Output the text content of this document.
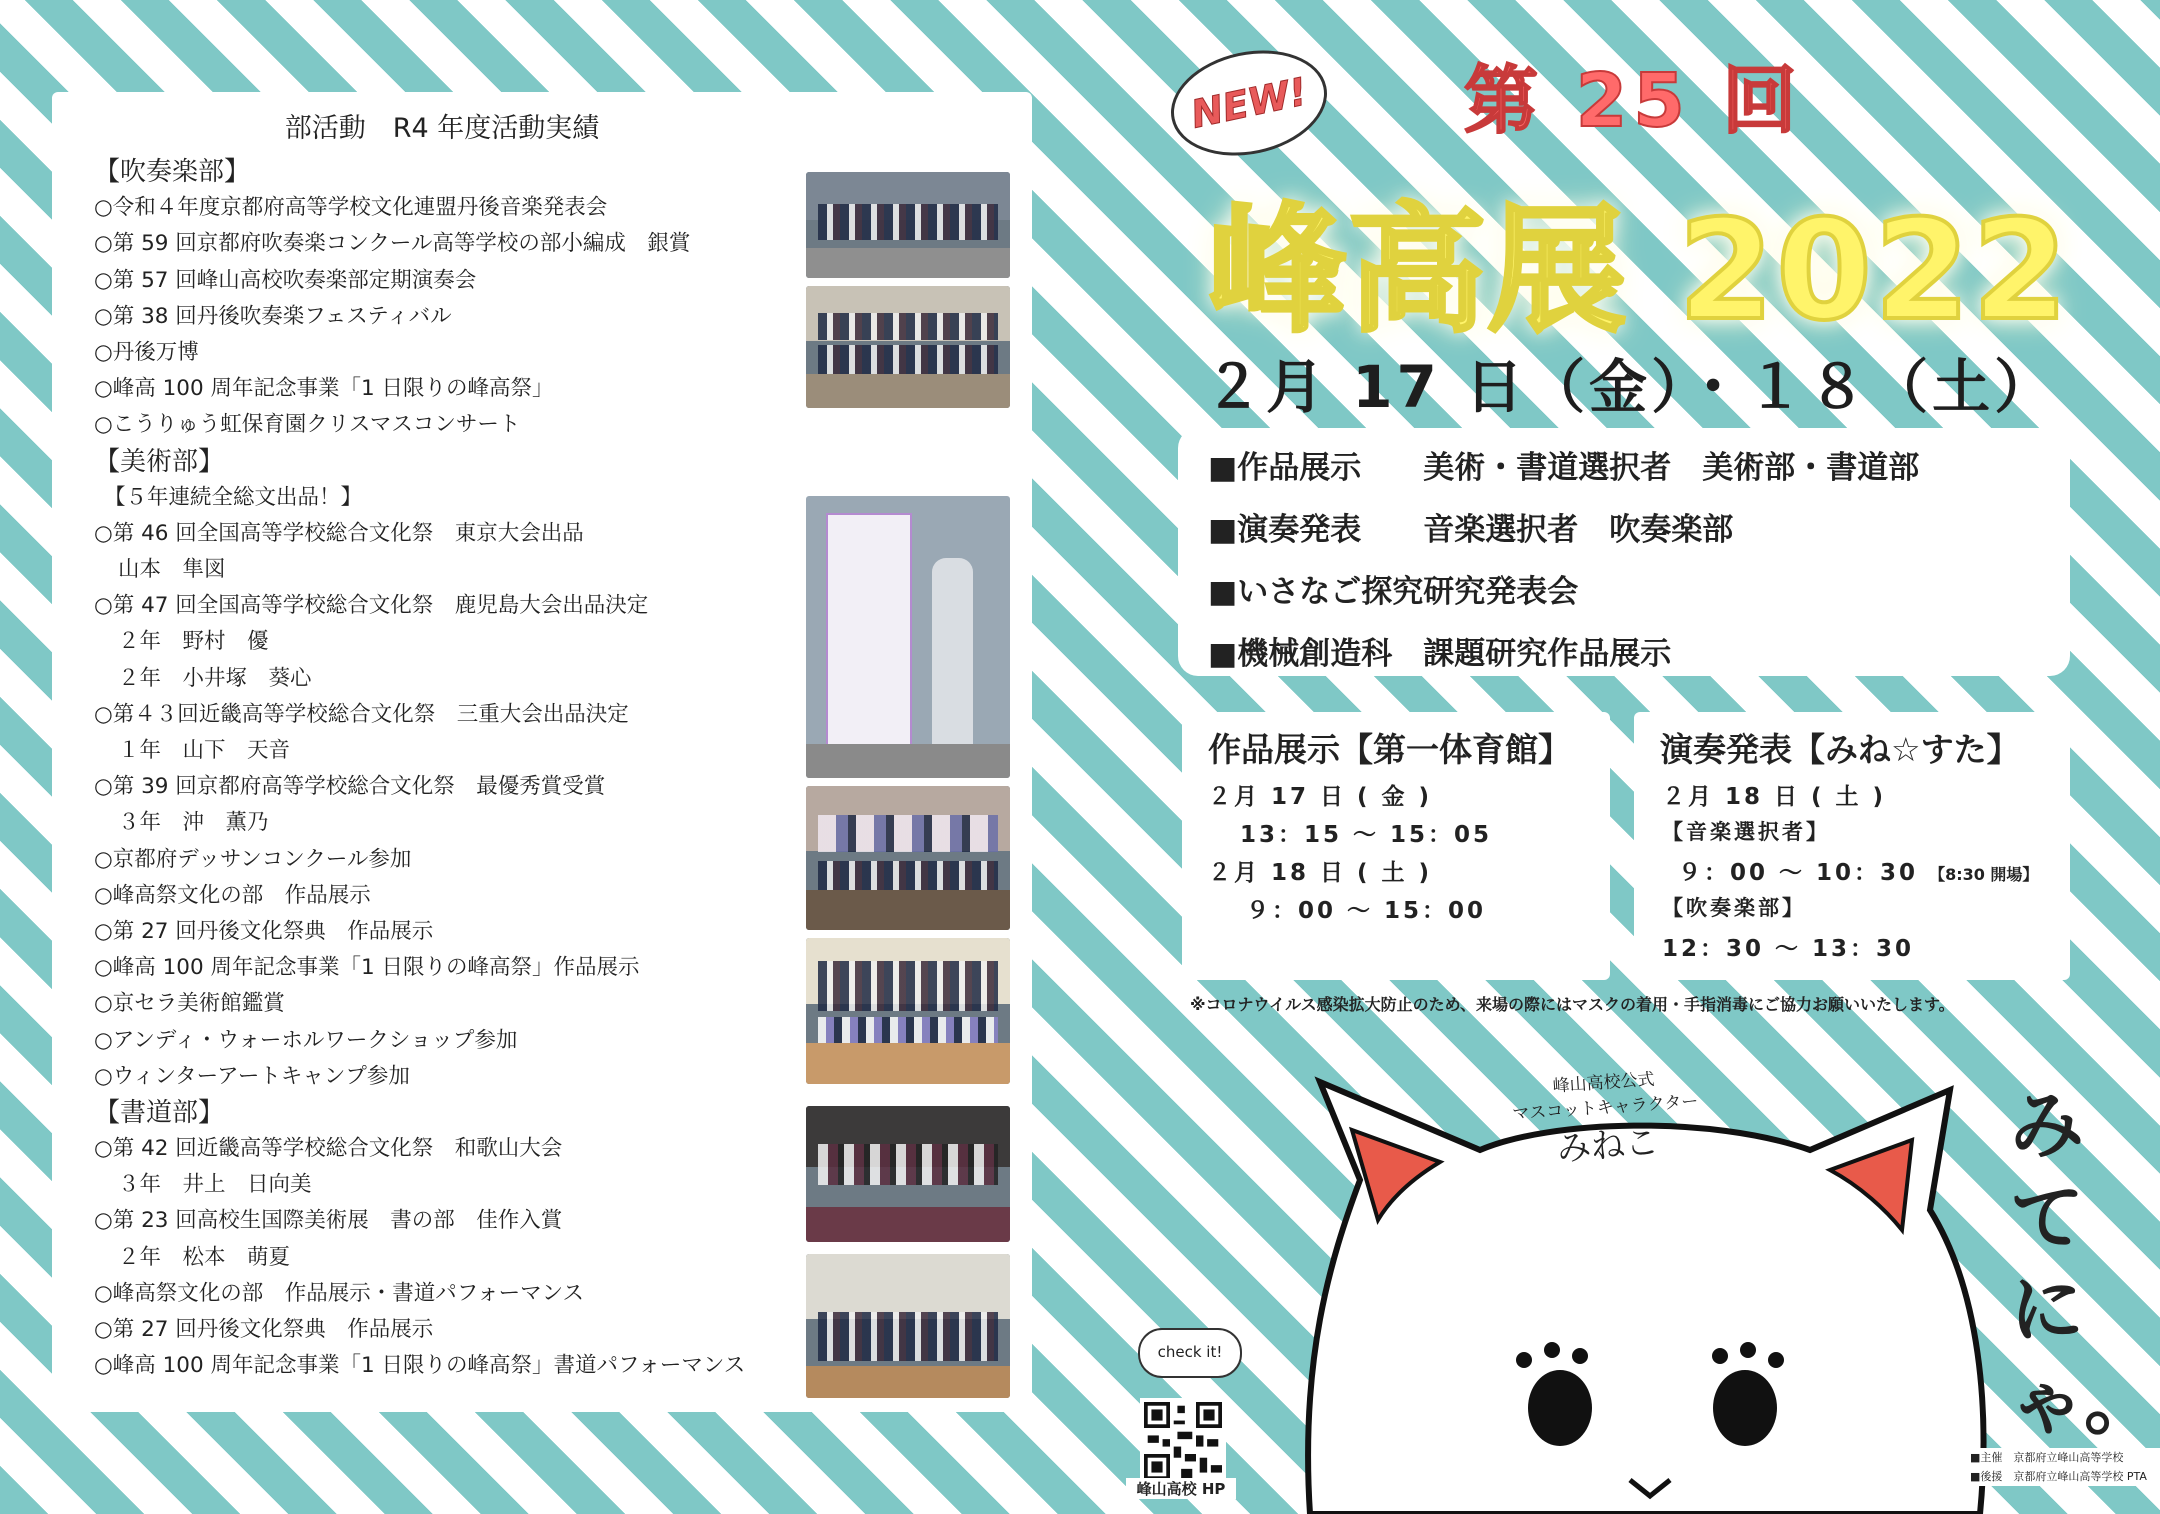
部活動　R4 年度活動実績
【吹奏楽部】
○令和４年度京都府高等学校文化連盟丹後音楽発表会
○第 59 回京都府吹奏楽コンクール高等学校の部小編成　銀賞
○第 57 回峰山高校吹奏楽部定期演奏会
○第 38 回丹後吹奏楽フェスティバル
○丹後万博
○峰高 100 周年記念事業「1 日限りの峰高祭」
○こうりゅう虹保育園クリスマスコンサート
【美術部】
【５年連続全総文出品！】
○第 46 回全国高等学校総合文化祭　東京大会出品
山本　隼図
○第 47 回全国高等学校総合文化祭　鹿児島大会出品決定
２年　野村　優
２年　小井塚　葵心
○第４３回近畿高等学校総合文化祭　三重大会出品決定
１年　山下　天音
○第 39 回京都府高等学校総合文化祭　最優秀賞受賞
３年　沖　薫乃
○京都府デッサンコンクール参加
○峰高祭文化の部　作品展示
○第 27 回丹後文化祭典　作品展示
○峰高 100 周年記念事業「1 日限りの峰高祭」作品展示
○京セラ美術館鑑賞
○アンディ・ウォーホルワークショップ参加
○ウィンターアートキャンプ参加
【書道部】
○第 42 回近畿高等学校総合文化祭　和歌山大会
３年　井上　日向美
○第 23 回高校生国際美術展　書の部　佳作入賞
２年　松本　萌夏
○峰高祭文化の部　作品展示・書道パフォーマンス
○第 27 回丹後文化祭典　作品展示
○峰高 100 周年記念事業「1 日限りの峰高祭」書道パフォーマンス
NEW! 第 25 回
峰高展 2022
２月 17 日（金）・１８（土）
■作品展示　　美術・書道選択者　美術部・書道部
■演奏発表　　音楽選択者　吹奏楽部
■いさなご探究研究発表会
■機械創造科　課題研究作品展示
作品展示【第一体育館】
２月 17 日 ( 金 )
13：15 ～ 15：05
２月 18 日 ( 土 )
９：00 ～ 15：00
演奏発表【みね☆すた】
２月 18 日 ( 土 )
【音楽選択者】
９：00 ～ 10：30 【8:30 開場】
【吹奏楽部】
12：30 ～ 13：30
※コロナウイルス感染拡大防止のため、来場の際にはマスクの着用・手指消毒にご協力お願いいたします。
峰山高校公式
マスコットキャラクター
みねこ	みてにゃ。
check it!
峰山高校 HP
■主催　京都府立峰山高等学校
■後援　京都府立峰山高等学校 PTA
